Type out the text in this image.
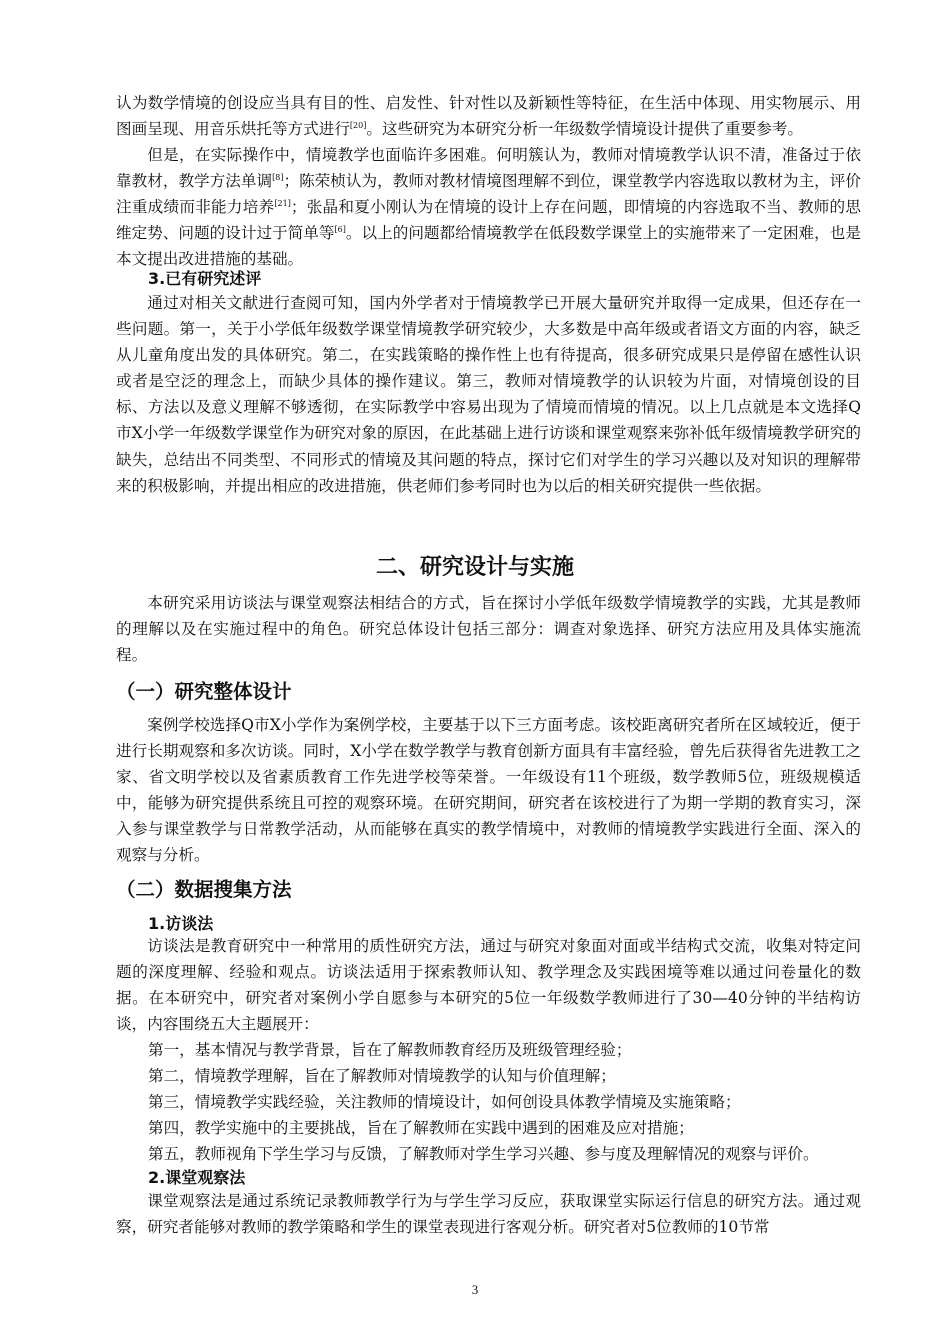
认为数学情境的创设应当具有目的性、启发性、针对性以及新颖性等特征，在生活中体现、用实物展示、用图画呈现、用音乐烘托等方式进行[20]。这些研究为本研究分析一年级数学情境设计提供了重要参考。

但是，在实际操作中，情境教学也面临许多困难。何明簇认为，教师对情境教学认识不清，准备过于依靠教材，教学方法单调[8]；陈荣桢认为，教师对教材情境图理解不到位，课堂教学内容选取以教材为主，评价注重成绩而非能力培养[21]；张晶和夏小刚认为在情境的设计上存在问题，即情境的内容选取不当、教师的思维定势、问题的设计过于简单等[6]。以上的问题都给情境教学在低段数学课堂上的实施带来了一定困难，也是本文提出改进措施的基础。

3.已有研究述评

通过对相关文献进行查阅可知，国内外学者对于情境教学已开展大量研究并取得一定成果，但还存在一些问题。第一，关于小学低年级数学课堂情境教学研究较少，大多数是中高年级或者语文方面的内容，缺乏从儿童角度出发的具体研究。第二，在实践策略的操作性上也有待提高，很多研究成果只是停留在感性认识或者是空泛的理念上，而缺少具体的操作建议。第三，教师对情境教学的认识较为片面，对情境创设的目标、方法以及意义理解不够透彻，在实际教学中容易出现为了情境而情境的情况。以上几点就是本文选择Q市X小学一年级数学课堂作为研究对象的原因，在此基础上进行访谈和课堂观察来弥补低年级情境教学研究的缺失，总结出不同类型、不同形式的情境及其问题的特点，探讨它们对学生的学习兴趣以及对知识的理解带来的积极影响，并提出相应的改进措施，供老师们参考同时也为以后的相关研究提供一些依据。

二、研究设计与实施

本研究采用访谈法与课堂观察法相结合的方式，旨在探讨小学低年级数学情境教学的实践，尤其是教师的理解以及在实施过程中的角色。研究总体设计包括三部分：调查对象选择、研究方法应用及具体实施流程。

（一）研究整体设计

案例学校选择Q市X小学作为案例学校，主要基于以下三方面考虑。该校距离研究者所在区域较近，便于进行长期观察和多次访谈。同时，X小学在数学教学与教育创新方面具有丰富经验，曾先后获得省先进教工之家、省文明学校以及省素质教育工作先进学校等荣誉。一年级设有11个班级，数学教师5位，班级规模适中，能够为研究提供系统且可控的观察环境。在研究期间，研究者在该校进行了为期一学期的教育实习，深入参与课堂教学与日常教学活动，从而能够在真实的教学情境中，对教师的情境教学实践进行全面、深入的观察与分析。

（二）数据搜集方法

1.访谈法

访谈法是教育研究中一种常用的质性研究方法，通过与研究对象面对面或半结构式交流，收集对特定问题的深度理解、经验和观点。访谈法适用于探索教师认知、教学理念及实践困境等难以通过问卷量化的数据。在本研究中，研究者对案例小学自愿参与本研究的5位一年级数学教师进行了30—40分钟的半结构访谈，内容围绕五大主题展开：

第一，基本情况与教学背景，旨在了解教师教育经历及班级管理经验；

第二，情境教学理解，旨在了解教师对情境教学的认知与价值理解；

第三，情境教学实践经验，关注教师的情境设计，如何创设具体教学情境及实施策略；

第四，教学实施中的主要挑战，旨在了解教师在实践中遇到的困难及应对措施；

第五，教师视角下学生学习与反馈，了解教师对学生学习兴趣、参与度及理解情况的观察与评价。

2.课堂观察法

课堂观察法是通过系统记录教师教学行为与学生学习反应，获取课堂实际运行信息的研究方法。通过观察，研究者能够对教师的教学策略和学生的课堂表现进行客观分析。研究者对5位教师的10节常

3
